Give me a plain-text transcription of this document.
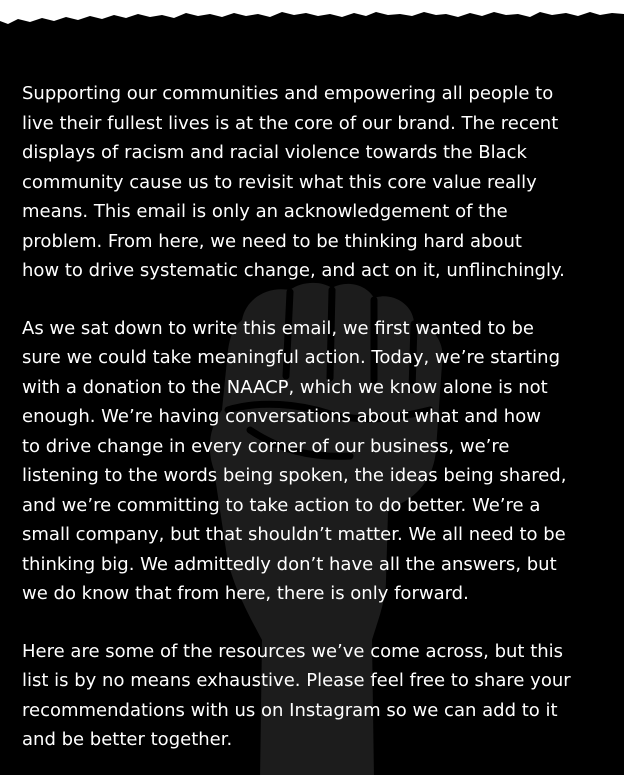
Supporting our communities and empowering all people to
live their fullest lives is at the core of our brand. The recent
displays of racism and racial violence towards the Black
community cause us to revisit what this core value really
means. This email is only an acknowledgement of the
problem. From here, we need to be thinking hard about
how to drive systematic change, and act on it, unflinchingly.

As we sat down to write this email, we first wanted to be
sure we could take meaningful action. Today, we’re starting
with a donation to the NAACP, which we know alone is not
enough. We’re having conversations about what and how
to drive change in every corner of our business, we’re
listening to the words being spoken, the ideas being shared,
and we’re committing to take action to do better. We’re a
small company, but that shouldn’t matter. We all need to be
thinking big. We admittedly don’t have all the answers, but
we do know that from here, there is only forward.

Here are some of the resources we’ve come across, but this
list is by no means exhaustive. Please feel free to share your
recommendations with us on Instagram so we can add to it
and be better together.
